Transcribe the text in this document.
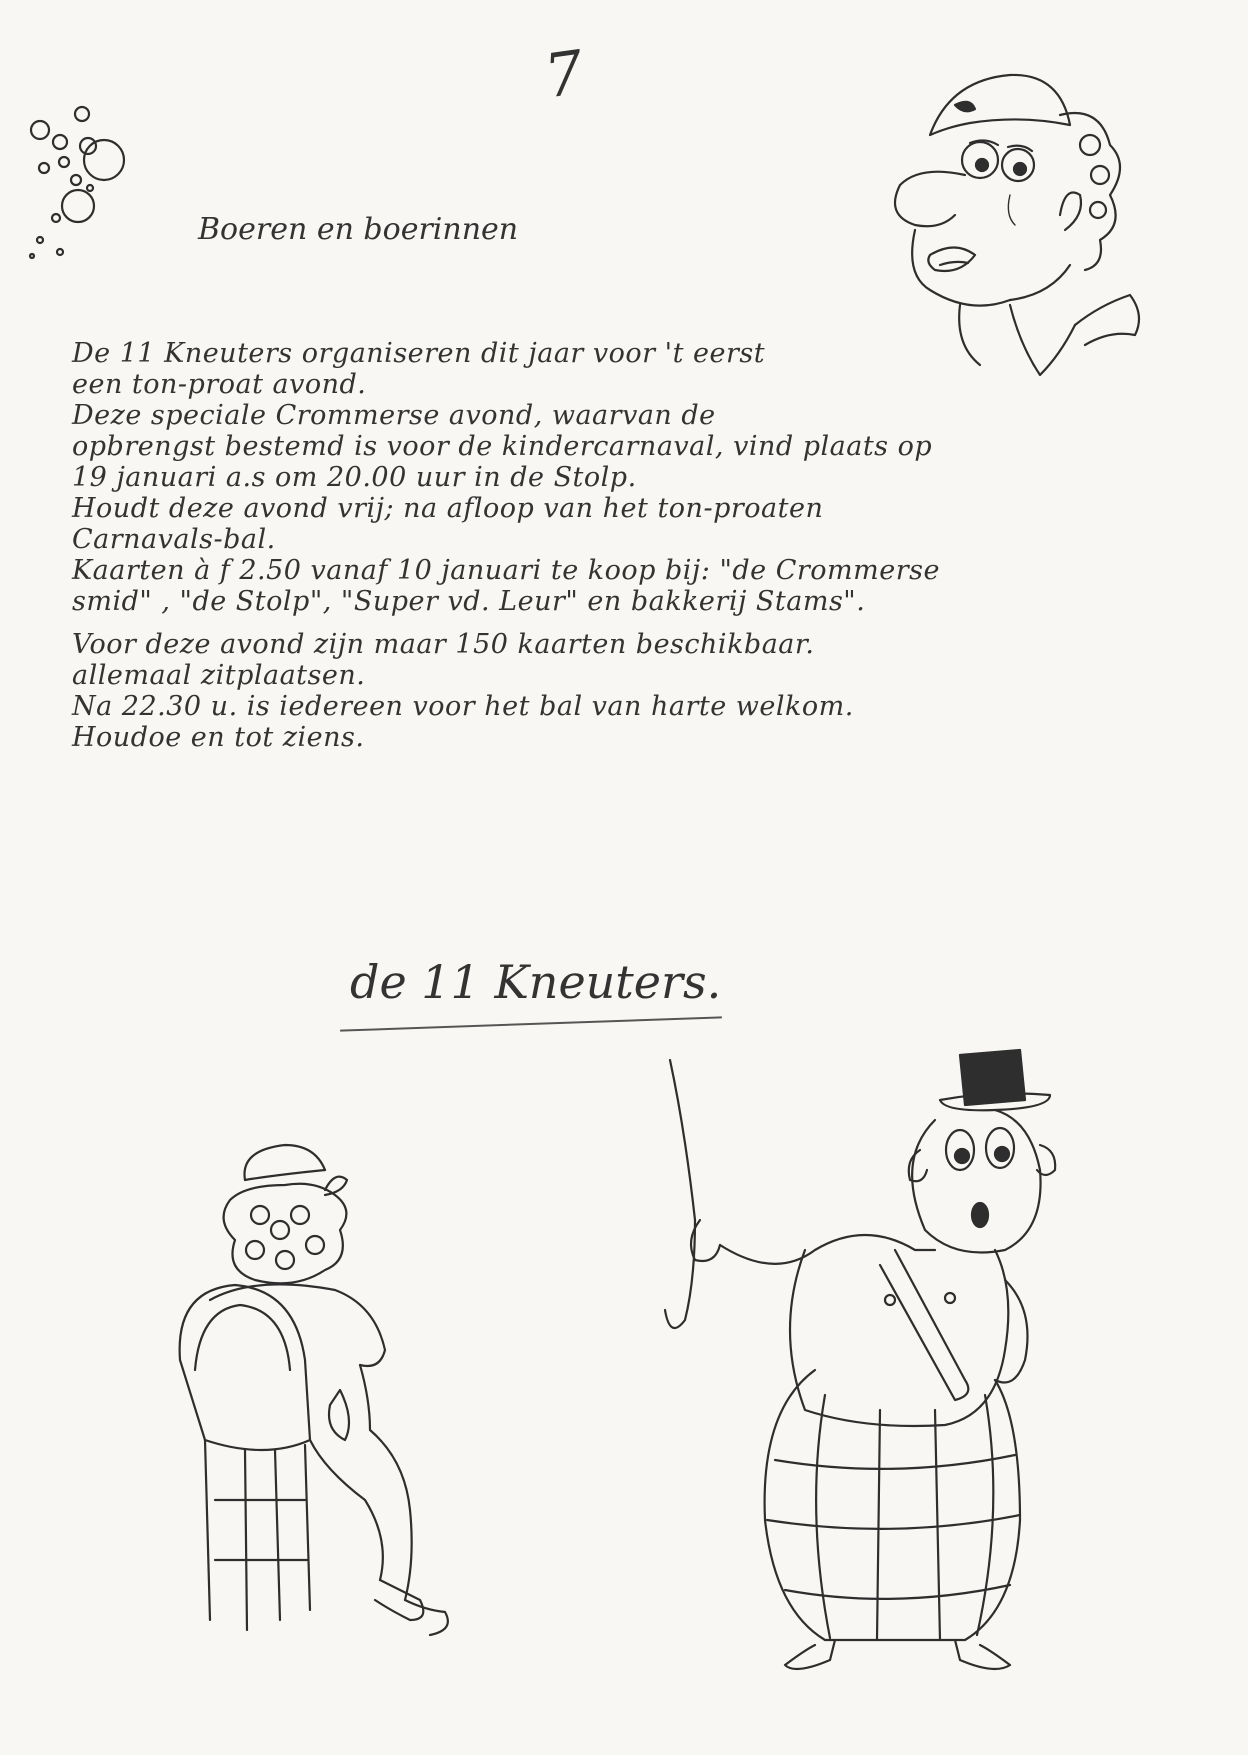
7
Boeren en boerinnen
De 11 Kneuters organiseren dit jaar voor 't eerst
een ton-proat avond.
Deze speciale Crommerse avond, waarvan de
opbrengst bestemd is voor de kindercarnaval, vind plaats op
19 januari a.s om 20.00 uur in de Stolp.
Houdt deze avond vrij; na afloop van het ton-proaten
Carnavals-bal.
Kaarten à f 2.50 vanaf 10 januari te koop bij: "de Crommerse
smid" , "de Stolp", "Super vd. Leur" en bakkerij Stams".
Voor deze avond zijn maar 150 kaarten beschikbaar.
allemaal zitplaatsen.
Na 22.30 u. is iedereen voor het bal van harte welkom.
Houdoe en tot ziens.
de 11 Kneuters.
